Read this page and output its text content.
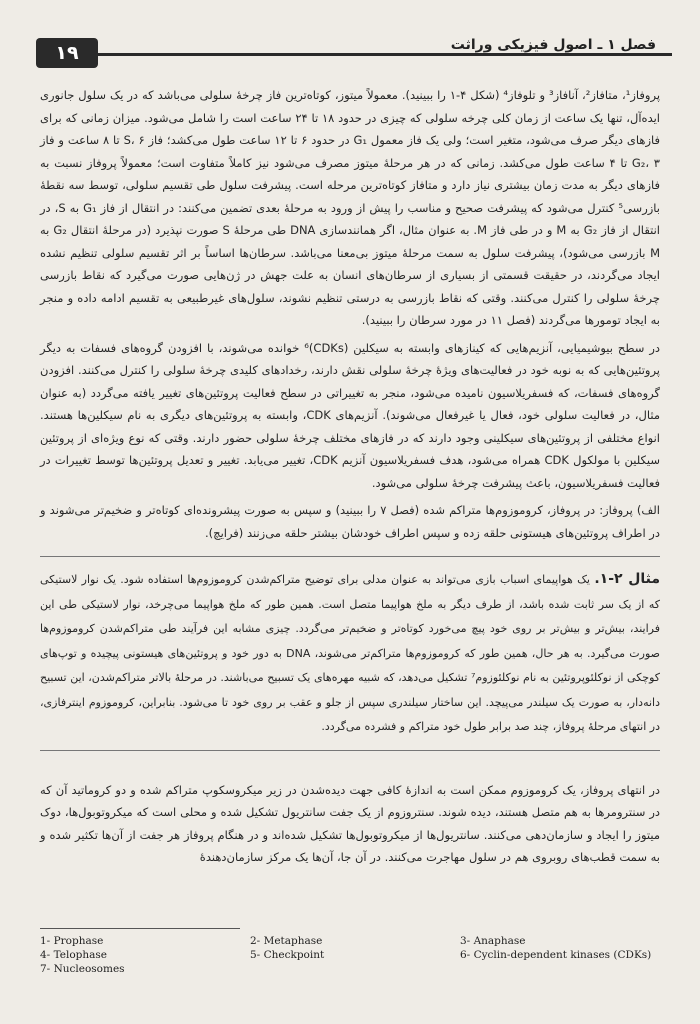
۱۹	فصل ۱ ـ اصول فیزیکی وراثت

پروفاز¹، متافاز²، آنافاز³ و تلوفاز⁴ (شکل ۴-۱ را ببینید). معمولاً میتوز، کوتاه‌ترین فاز چرخهٔ سلولی می‌باشد که در یک سلول جانوری ایده‌آل، تنها یک ساعت از زمان کلی چرخه سلولی که چیزی در حدود ۱۸ تا ۲۴ ساعت است را شامل می‌شود. میزان زمانی که برای فازهای دیگر صرف می‌شود، متغیر است؛ ولی یک فاز معمول G₁ در حدود ۶ تا ۱۲ ساعت طول می‌کشد؛ فاز S، ۶ تا ۸ ساعت و فاز G₂، ۳ تا ۴ ساعت طول می‌کشد. زمانی که در هر مرحلهٔ میتوز مصرف می‌شود نیز کاملاً متفاوت است؛ معمولاً پروفاز نسبت به فازهای دیگر به مدت زمان بیشتری نیاز دارد و متافاز کوتاه‌ترین مرحله است. پیشرفت سلول طی تقسیم سلولی، توسط سه نقطهٔ بازرسی⁵ کنترل می‌شود که پیشرفت صحیح و مناسب را پیش از ورود به مرحلهٔ بعدی تضمین می‌کنند: در انتقال از فاز G₁ به S، در انتقال از فاز G₂ به M و در طی فاز M. به عنوان مثال، اگر همانندسازی DNA طی مرحلهٔ S صورت نپذیرد (در مرحلهٔ انتقال G₂ به M بازرسی می‌شود)، پیشرفت سلول به سمت مرحلهٔ میتوز بی‌معنا می‌باشد. سرطان‌ها اساساً بر اثر تقسیم سلولی تنظیم نشده ایجاد می‌گردند، در حقیقت قسمتی از بسیاری از سرطان‌های انسان به علت جهش در ژن‌هایی صورت می‌گیرد که نقاط بازرسی چرخهٔ سلولی را کنترل می‌کنند. وقتی که نقاط بازرسی به درستی تنظیم نشوند، سلول‌های غیرطبیعی به تقسیم ادامه داده و منجر به ایجاد تومورها می‌گردند (فصل ۱۱ در مورد سرطان را ببینید).

در سطح بیوشیمیایی، آنزیم‌هایی که کینازهای وابسته به سیکلین (CDKs)⁶ خوانده می‌شوند، با افزودن گروه‌های فسفات به دیگر پروتئین‌هایی که به نوبه خود در فعالیت‌های ویژهٔ چرخهٔ سلولی نقش دارند، رخدادهای کلیدی چرخهٔ سلولی را کنترل می‌کنند. افزودن گروه‌های فسفات، که فسفریلاسیون نامیده می‌شود، منجر به تغییراتی در سطح فعالیت پروتئین‌های تغییر یافته می‌گردد (به عنوان مثال، در فعالیت سلولی خود، فعال یا غیرفعال می‌شوند). آنزیم‌های CDK، وابسته به پروتئین‌های دیگری به نام سیکلین‌ها هستند. انواع مختلفی از پروتئین‌های سیکلینی وجود دارند که در فازهای مختلف چرخهٔ سلولی حضور دارند. وقتی که نوع ویژه‌ای از پروتئین سیکلین با مولکول CDK همراه می‌شود، هدف فسفریلاسیون آنزیم CDK، تغییر می‌یابد. تغییر و تعدیل پروتئین‌ها توسط تغییرات در فعالیت فسفریلاسیون، باعث پیشرفت چرخهٔ سلولی می‌شود.

الف) پروفاز: در پروفاز، کروموزوم‌ها متراکم شده (فصل ۷ را ببینید) و سپس به صورت پیشرونده‌ای کوتاه‌تر و ضخیم‌تر می‌شوند و در اطراف پروتئین‌های هیستونی حلقه زده و سپس اطراف خودشان بیشتر حلقه می‌زنند (فرایچ).

مثال ۲-۱. یک هواپیمای اسباب بازی می‌تواند به عنوان مدلی برای توضیح متراکم‌شدن کروموزوم‌ها استفاده شود. یک نوار لاستیکی که از یک سر ثابت شده باشد، از طرف دیگر به ملخ هواپیما متصل است. همین طور که ملخ هواپیما می‌چرخد، نوار لاستیکی طی این فرایند، بیش‌تر و بیش‌تر بر روی خود پیچ می‌خورد کوتاه‌تر و ضخیم‌تر می‌گردد. چیزی مشابه این فرآیند طی متراکم‌شدن کروموزوم‌ها صورت می‌گیرد. به هر حال، همین طور که کروموزوم‌ها متراکم‌تر می‌شوند، DNA به دور خود و پروتئین‌های هیستونی پیچیده و توپ‌های کوچکی از نوکلئوپروتئین به نام نوکلئوزوم⁷ تشکیل می‌دهد، که شبیه مهره‌های یک تسبیح می‌باشند. در مرحلهٔ بالاتر متراکم‌شدن، این تسبیح دانه‌دار، به صورت یک سیلندر می‌پیچد. این ساختار سیلندری سپس از جلو و عقب بر روی خود تا می‌شود. بنابراین، کروموزوم اینترفازی، در انتهای مرحلهٔ پروفاز، چند صد برابر طول خود متراکم و فشرده می‌گردد.

در انتهای پروفاز، یک کروموزوم ممکن است به اندازهٔ کافی جهت دیده‌شدن در زیر میکروسکوپ متراکم شده و دو کروماتید آن که در سنترومرها به هم متصل هستند، دیده شوند. سنتروزوم از یک جفت سانتریول تشکیل شده و محلی است که میکروتوبول‌ها، دوک میتوز را ایجاد و سازمان‌دهی می‌کنند. سانتریول‌ها از میکروتوبول‌ها تشکیل شده‌اند و در هنگام پروفاز هر جفت از آن‌ها تکثیر شده و به سمت قطب‌های روبروی هم در سلول مهاجرت می‌کنند. در آن جا، آن‌ها یک مرکز سازمان‌دهندهٔ

1- Prophase	2- Metaphase	3- Anaphase
4- Telophase	5- Checkpoint	6- Cyclin-dependent kinases (CDKs)
7- Nucleosomes
